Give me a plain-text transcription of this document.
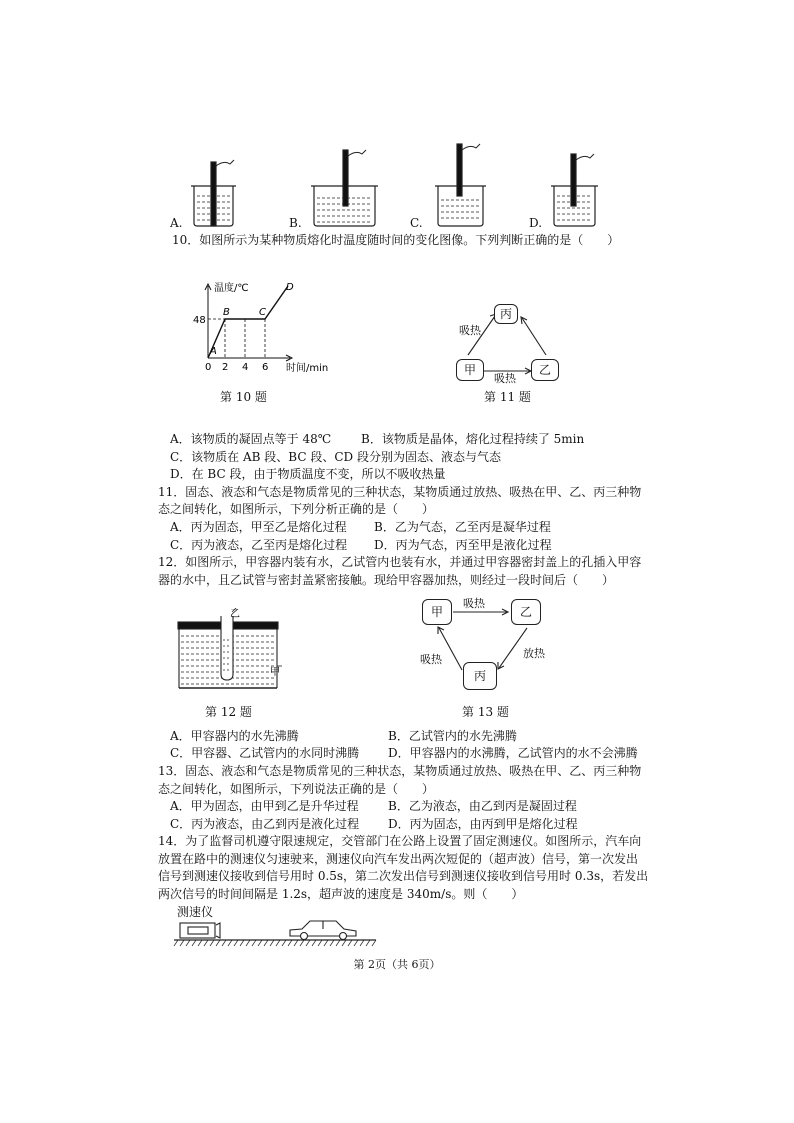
A.	B.	C.	D.
10．如图所示为某种物质熔化时温度随时间的变化图像。下列判断正确的是（　　）
温度/℃
时间/min
48
0 2 4 6
A
B	C
D
第 10 题
丙
甲	乙
吸热
吸热
第 11 题
A．该物质的凝固点等于 48℃ B．该物质是晶体，熔化过程持续了 5min
C．该物质在 AB 段、BC 段、CD 段分别为固态、液态与气态
D．在 BC 段，由于物质温度不变，所以不吸收热量
11．固态、液态和气态是物质常见的三种状态，某物质通过放热、吸热在甲、乙、丙三种物
态之间转化，如图所示，下列分析正确的是（　　）
A．丙为固态，甲至乙是熔化过程 B．乙为气态，乙至丙是凝华过程
C．丙为液态，乙至丙是熔化过程 D．丙为气态，丙至甲是液化过程
12．如图所示，甲容器内装有水，乙试管内也装有水，并通过甲容器密封盖上的孔插入甲容
器的水中，且乙试管与密封盖紧密接触。现给甲容器加热，则经过一段时间后（　　）
乙
甲
第 12 题
甲	乙
丙
吸热
放热
吸热
第 13 题
A．甲容器内的水先沸腾	B．乙试管内的水先沸腾
C．甲容器、乙试管内的水同时沸腾 D．甲容器内的水沸腾，乙试管内的水不会沸腾
13．固态、液态和气态是物质常见的三种状态，某物质通过放热、吸热在甲、乙、丙三种物
态之间转化，如图所示，下列说法正确的是（　　）
A．甲为固态，由甲到乙是升华过程 B．乙为液态，由乙到丙是凝固过程
C．丙为液态，由乙到丙是液化过程 D．丙为固态，由丙到甲是熔化过程
14．为了监督司机遵守限速规定，交管部门在公路上设置了固定测速仪。如图所示，汽车向
放置在路中的测速仪匀速驶来，测速仪向汽车发出两次短促的（超声波）信号，第一次发出
信号到测速仪接收到信号用时 0.5s，第二次发出信号到测速仪接收到信号用时 0.3s，若发出
两次信号的时间间隔是 1.2s，超声波的速度是 340m/s。则（　　）
测速仪
第 2页（共 6页）
